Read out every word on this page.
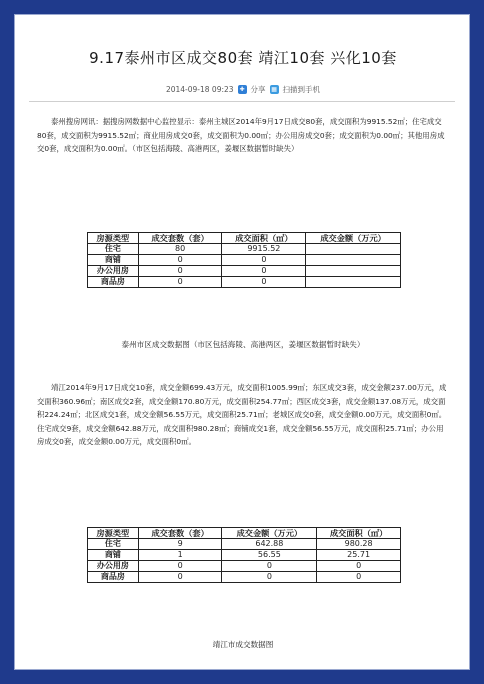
9.17泰州市区成交80套 靖江10套 兴化10套
2014-09-18 09:23 ✚ 分享 ▦ 扫描到手机
泰州搜房网讯：据搜房网数据中心监控显示：泰州主城区2014年9月17日成交80套，成交面积为9915.52㎡；住宅成交80套，成交面积为9915.52㎡；商业用房成交0套，成交面积为0.00㎡；办公用房成交0套；成交面积为0.00㎡；其他用房成交0套，成交面积为0.00㎡。（市区包括海陵、高港两区，姜堰区数据暂时缺失）
房源类型	成交套数（套）	成交面积（㎡）	成交金额（万元）
住宅	80	9915.52	
商铺	0	0	
办公用房	0	0	
商品房	0	0	
泰州市区成交数据图（市区包括海陵、高港两区，姜堰区数据暂时缺失）
靖江2014年9月17日成交10套，成交金额699.43万元，成交面积1005.99㎡；东区成交3套，成交金额237.00万元，成交面积360.96㎡；南区成交2套，成交金额170.80万元，成交面积254.77㎡；西区成交3套，成交金额137.08万元，成交面积224.24㎡；北区成交1套，成交金额56.55万元，成交面积25.71㎡；老城区成交0套，成交金额0.00万元，成交面积0㎡。住宅成交9套，成交金额642.88万元，成交面积980.28㎡；商铺成交1套，成交金额56.55万元，成交面积25.71㎡；办公用房成交0套，成交金额0.00万元，成交面积0㎡。
房源类型	成交套数（套）	成交金额（万元）	成交面积（㎡）
住宅	9	642.88	980.28
商铺	1	56.55	25.71
办公用房	0	0	0
商品房	0	0	0
靖江市成交数据图
